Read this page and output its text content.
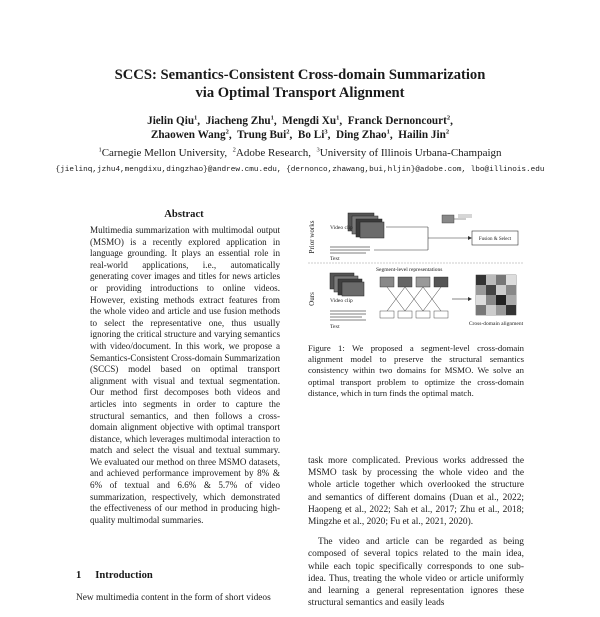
SCCS: Semantics-Consistent Cross-domain Summarization
via Optimal Transport Alignment
Jielin Qiu$^1$,  Jiacheng Zhu$^1$,  Mengdi Xu$^1$,  Franck Dernoncourt$^2$,
Zhaowen Wang$^2$,  Trung Bui$^2$,  Bo Li$^3$,  Ding Zhao$^1$,  Hailin Jin$^2$
$^1$Carnegie Mellon University, $^2$Adobe Research, $^3$University of Illinois Urbana-Champaign
{jielinq,jzhu4,mengdixu,dingzhao}@andrew.cmu.edu, {dernonco,zhawang,bui,hljin}@adobe.com, lbo@illinois.edu
Abstract
Multimedia summarization with multimodal output (MSMO) is a recently explored application in language grounding. It plays an essential role in real-world applications, i.e., automatically generating cover images and titles for news articles or providing introductions to online videos. However, existing methods extract features from the whole video and article and use fusion methods to select the representative one, thus usually ignoring the critical structure and varying semantics with video/document. In this work, we propose a Semantics-Consistent Cross-domain Summarization (SCCS) model based on optimal transport alignment with visual and textual segmentation. Our method first decomposes both videos and articles into segments in order to capture the structural semantics, and then follows a cross-domain alignment objective with optimal transport distance, which leverages multimodal interaction to match and select the visual and textual summary. We evaluated our method on three MSMO datasets, and achieved performance improvement by 8% & 6% of textual and 6.6% & 5.7% of video summarization, respectively, which demonstrated the effectiveness of our method in producing high-quality multimodal summaries.
1 Introduction
New multimedia content in the form of short videos
Prior works	Video clip
Text
Fusion & Select
Ours	Video clip
Text
Segment-level representations
Cross-domain alignment
Figure 1: We proposed a segment-level cross-domain alignment model to preserve the structural semantics consistency within two domains for MSMO. We solve an optimal transport problem to optimize the cross-domain distance, which in turn finds the optimal match.

task more complicated. Previous works addressed the MSMO task by processing the whole video and the whole article together which overlooked the structure and semantics of different domains (Duan et al., 2022; Haopeng et al., 2022; Sah et al., 2017; Zhu et al., 2018; Mingzhe et al., 2020; Fu et al., 2021, 2020).

The video and article can be regarded as being composed of several topics related to the main idea, while each topic specifically corresponds to one sub-idea. Thus, treating the whole video or article uniformly and learning a general representation ignores these structural semantics and easily leads
